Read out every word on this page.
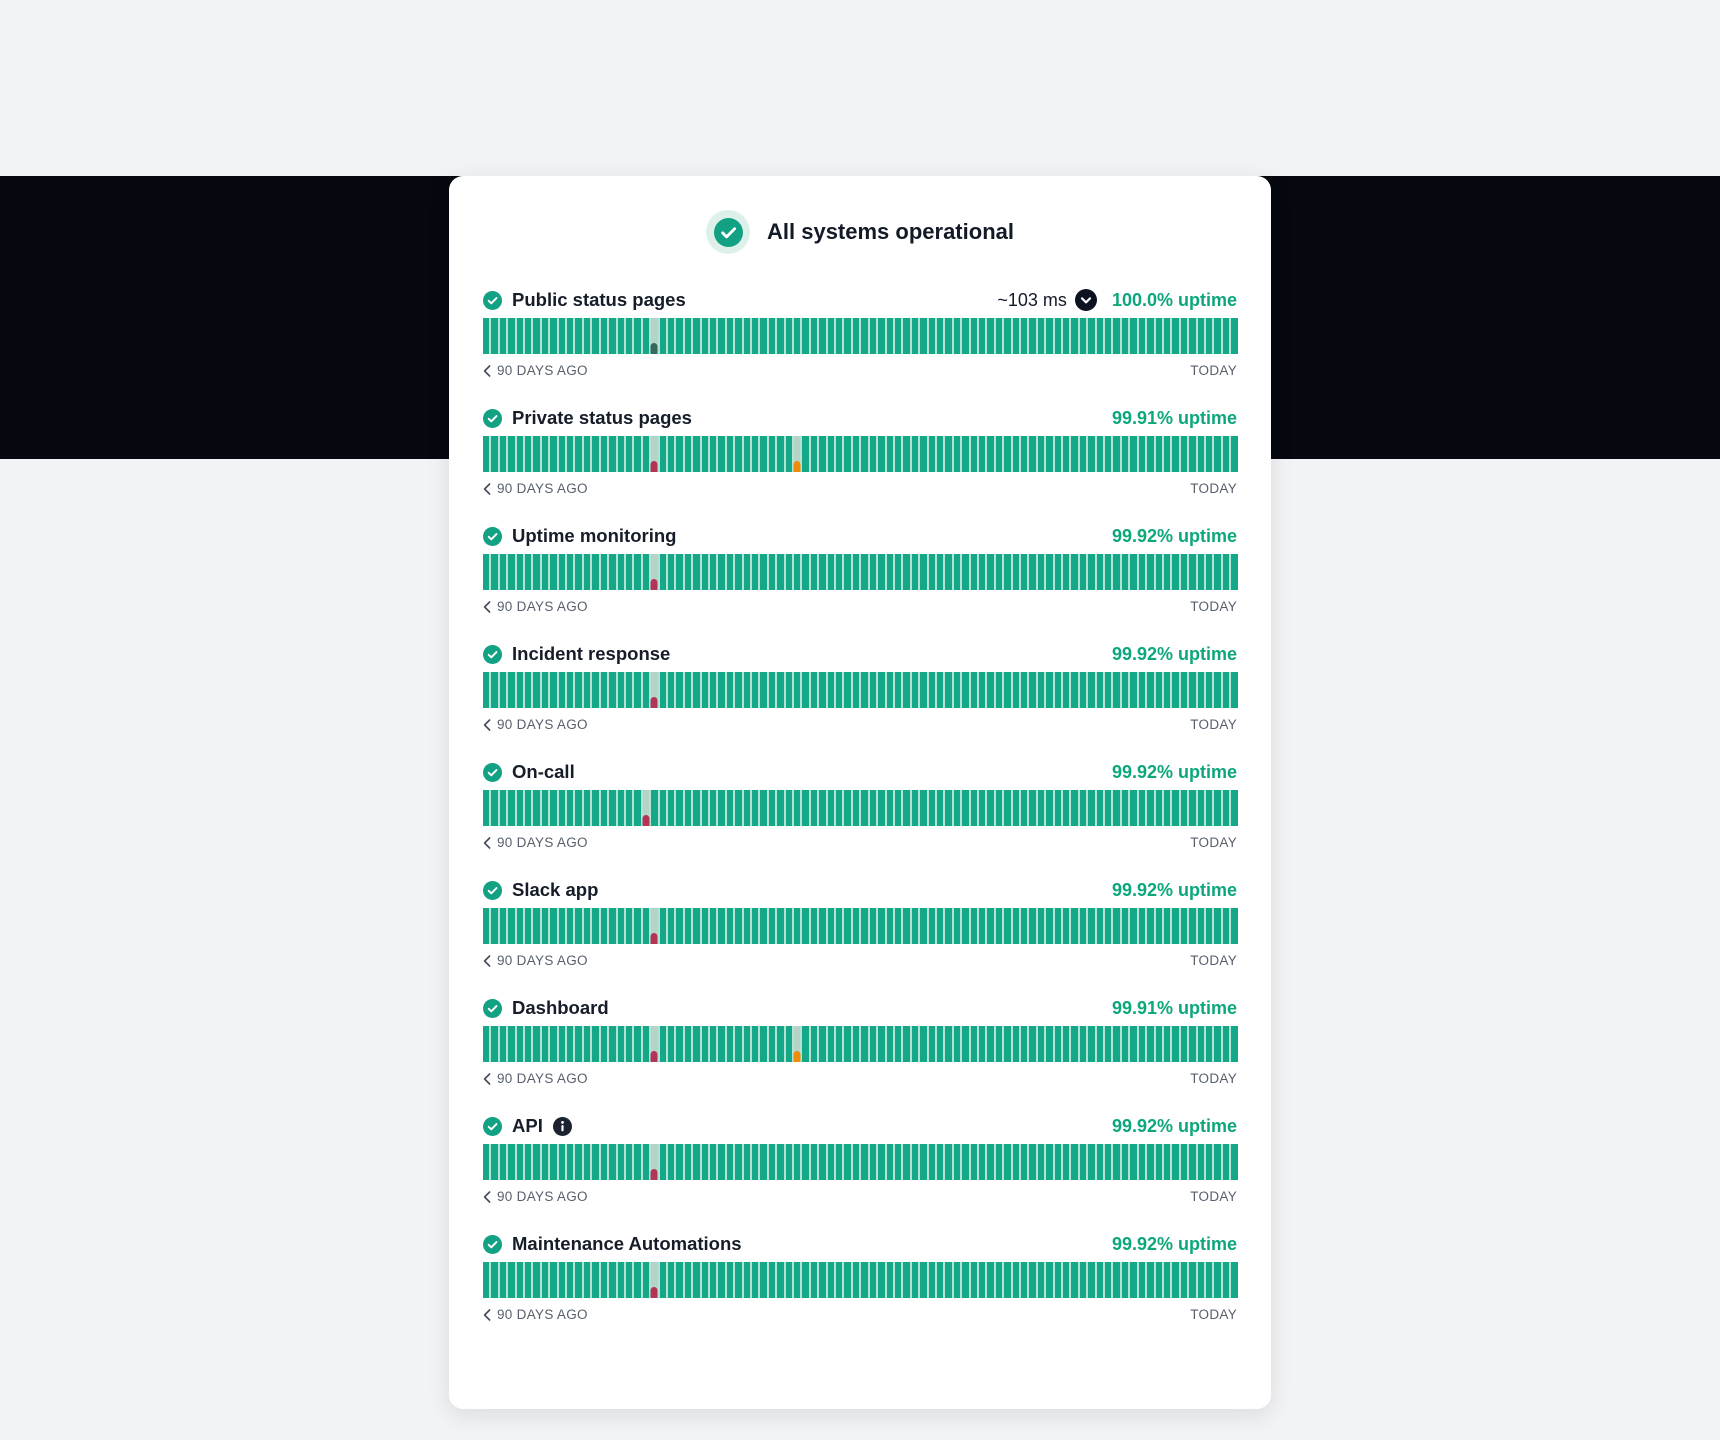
All systems operational
Public status pages	~103 ms	100.0% uptime
90 DAYS AGO	TODAY
Private status pages	99.91% uptime
90 DAYS AGO	TODAY
Uptime monitoring	99.92% uptime
90 DAYS AGO	TODAY
Incident response	99.92% uptime
90 DAYS AGO	TODAY
On-call	99.92% uptime
90 DAYS AGO	TODAY
Slack app	99.92% uptime
90 DAYS AGO	TODAY
Dashboard	99.91% uptime
90 DAYS AGO	TODAY
API	99.92% uptime
90 DAYS AGO	TODAY
Maintenance Automations	99.92% uptime
90 DAYS AGO	TODAY
